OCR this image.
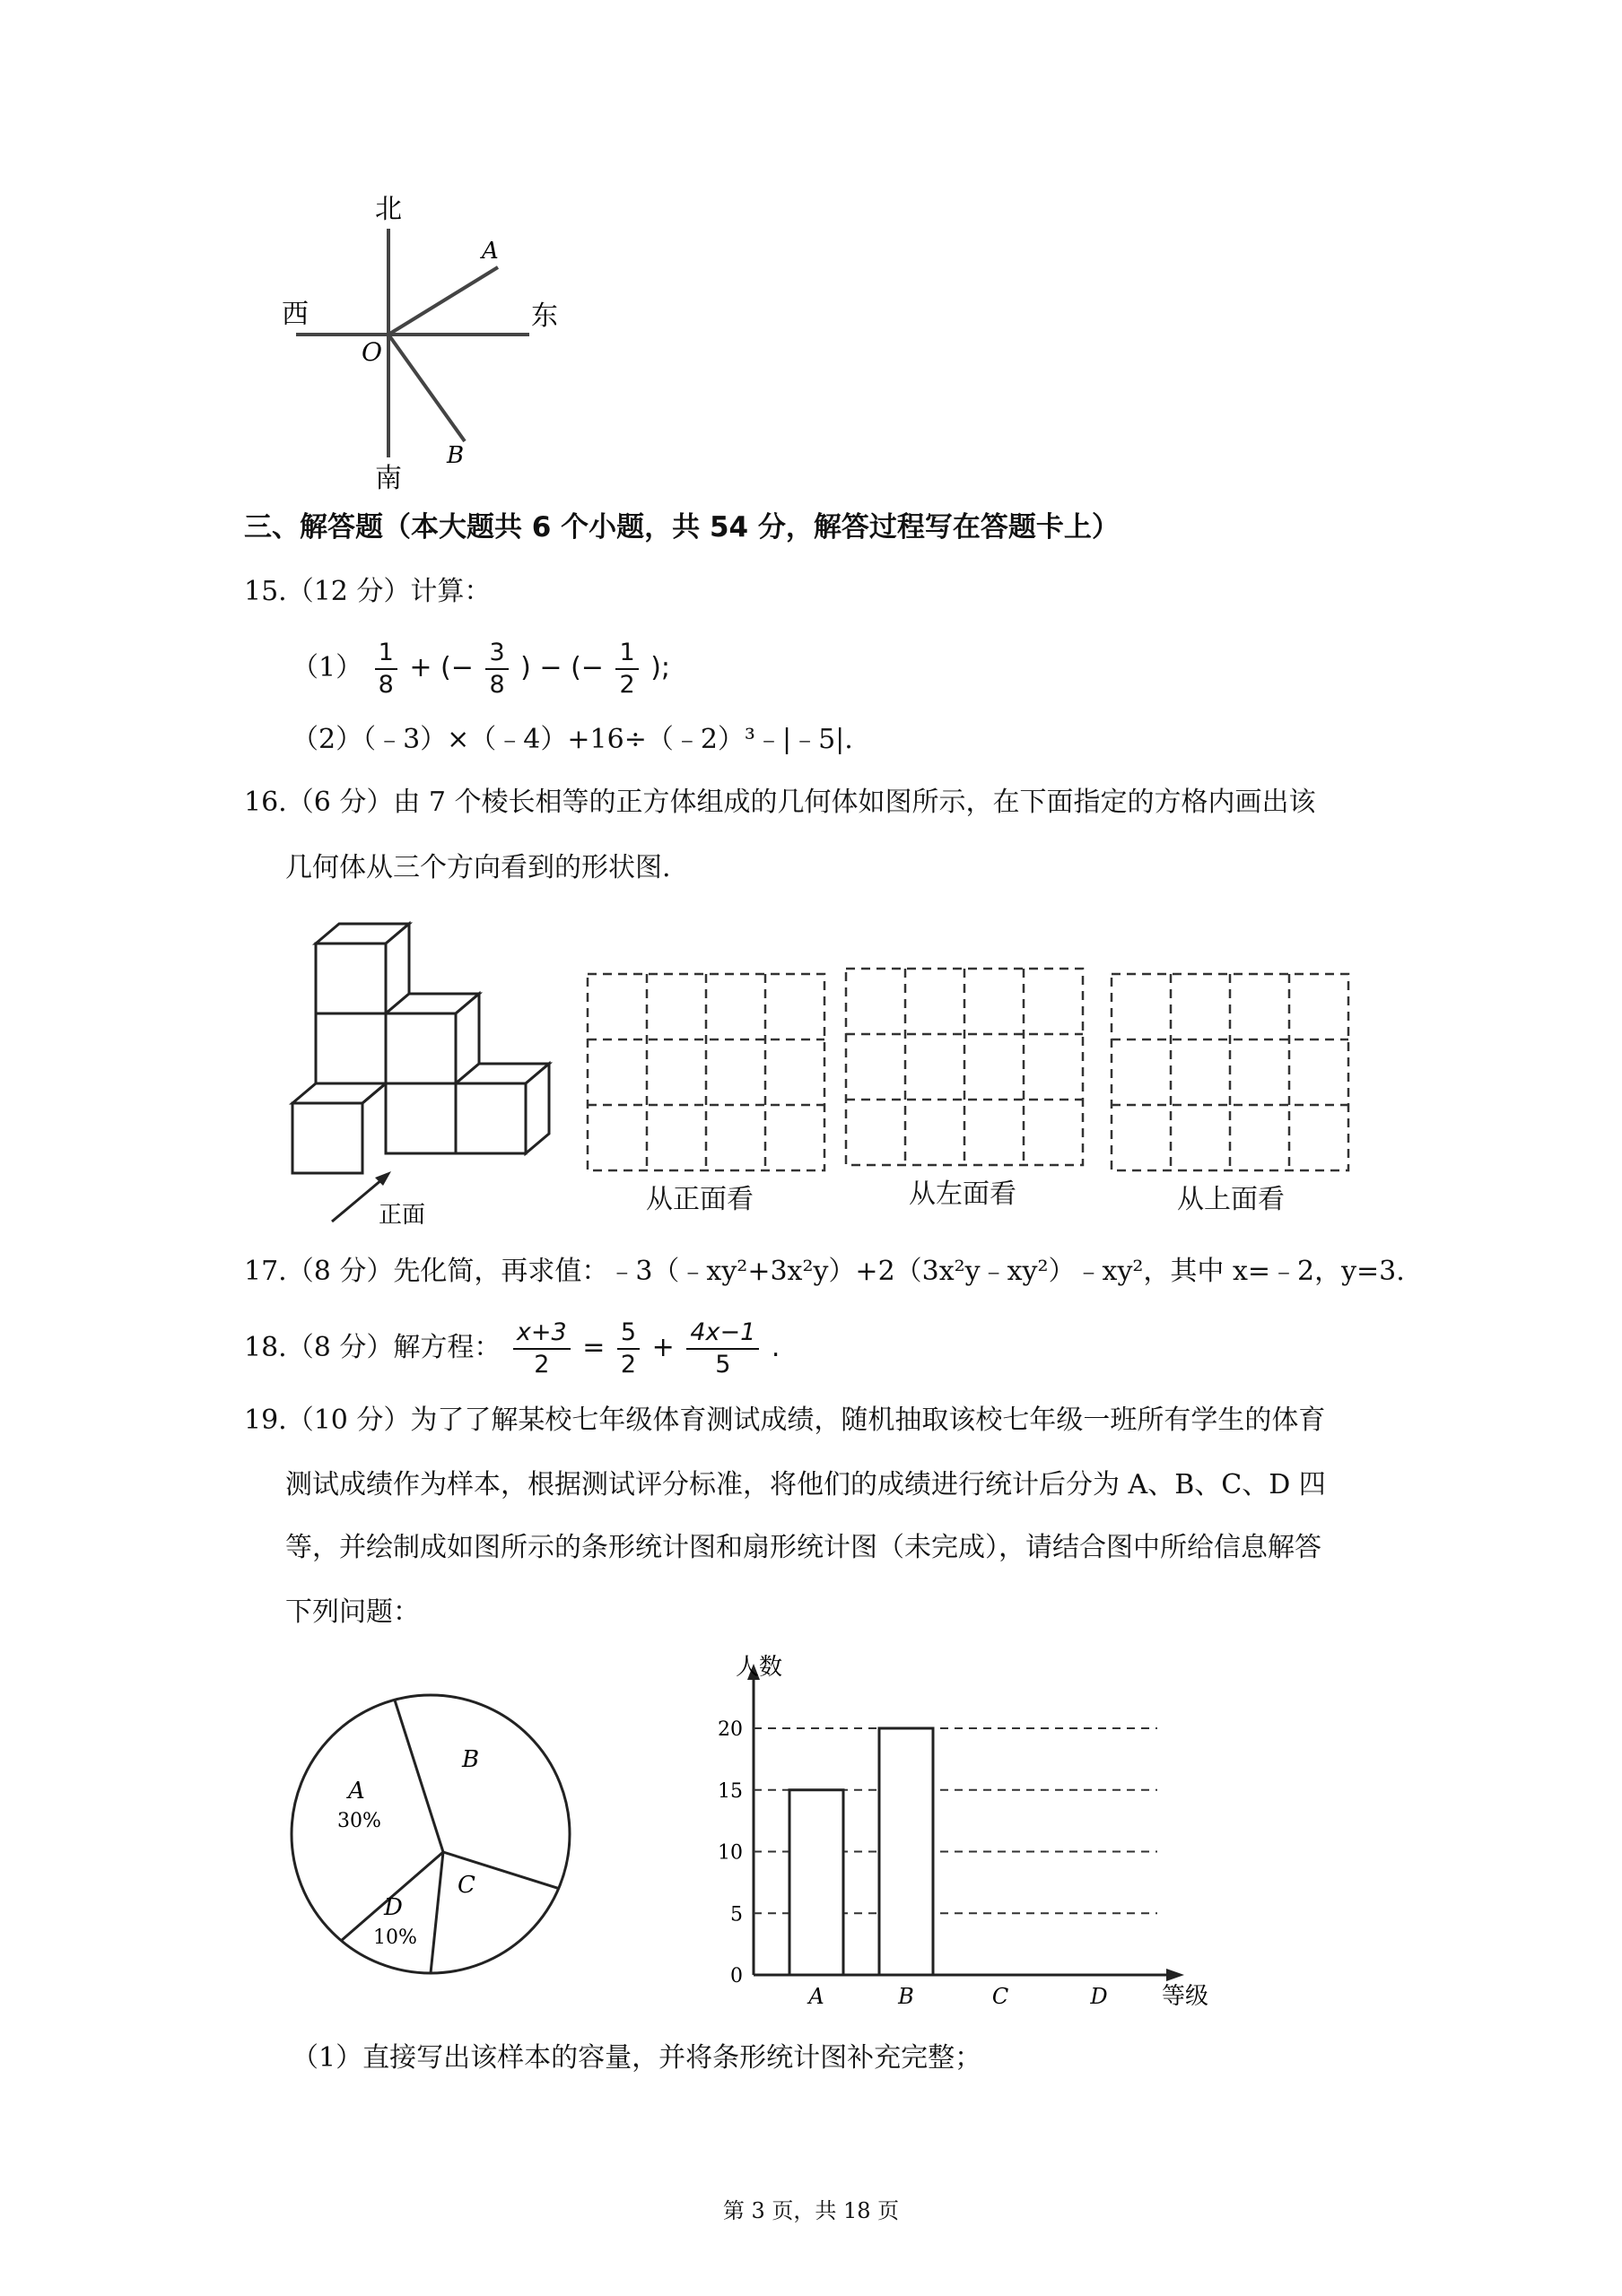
北
南
西	东
O
A
B
三、解答题（本大题共 6 个小题，共 54 分，解答过程写在答题卡上）
15.（12 分）计算：
$(1) \frac{1}{8}$ + (− $\frac{3}{8}$ ) − (− $\frac{1}{2}$ );
（2）（﹣3）×（﹣4）+16÷（﹣2）³﹣|﹣5|.
16.（6 分）由 7 个棱长相等的正方体组成的几何体如图所示，在下面指定的方格内画出该
几何体从三个方向看到的形状图.
正面	从正面看	从左面看	从上面看
17.（8 分）先化简，再求值：﹣3（﹣xy²+3x²y）+2（3x²y﹣xy²）﹣xy²，其中 x=﹣2，y=3.
18.（8 分）解方程： $\frac{x+3}{2} = \frac{5}{2} + \frac{4x-1}{5}$ .
19.（10 分）为了了解某校七年级体育测试成绩，随机抽取该校七年级一班所有学生的体育
测试成绩作为样本，根据测试评分标准，将他们的成绩进行统计后分为 A、B、C、D 四
等，并绘制成如图所示的条形统计图和扇形统计图（未完成），请结合图中所给信息解答
下列问题：
A
30%
B
C
D
10%
0
5
10
15
20
A	B	C	D
人数
等级
（1）直接写出该样本的容量，并将条形统计图补充完整；
第 3 页，共 18 页
